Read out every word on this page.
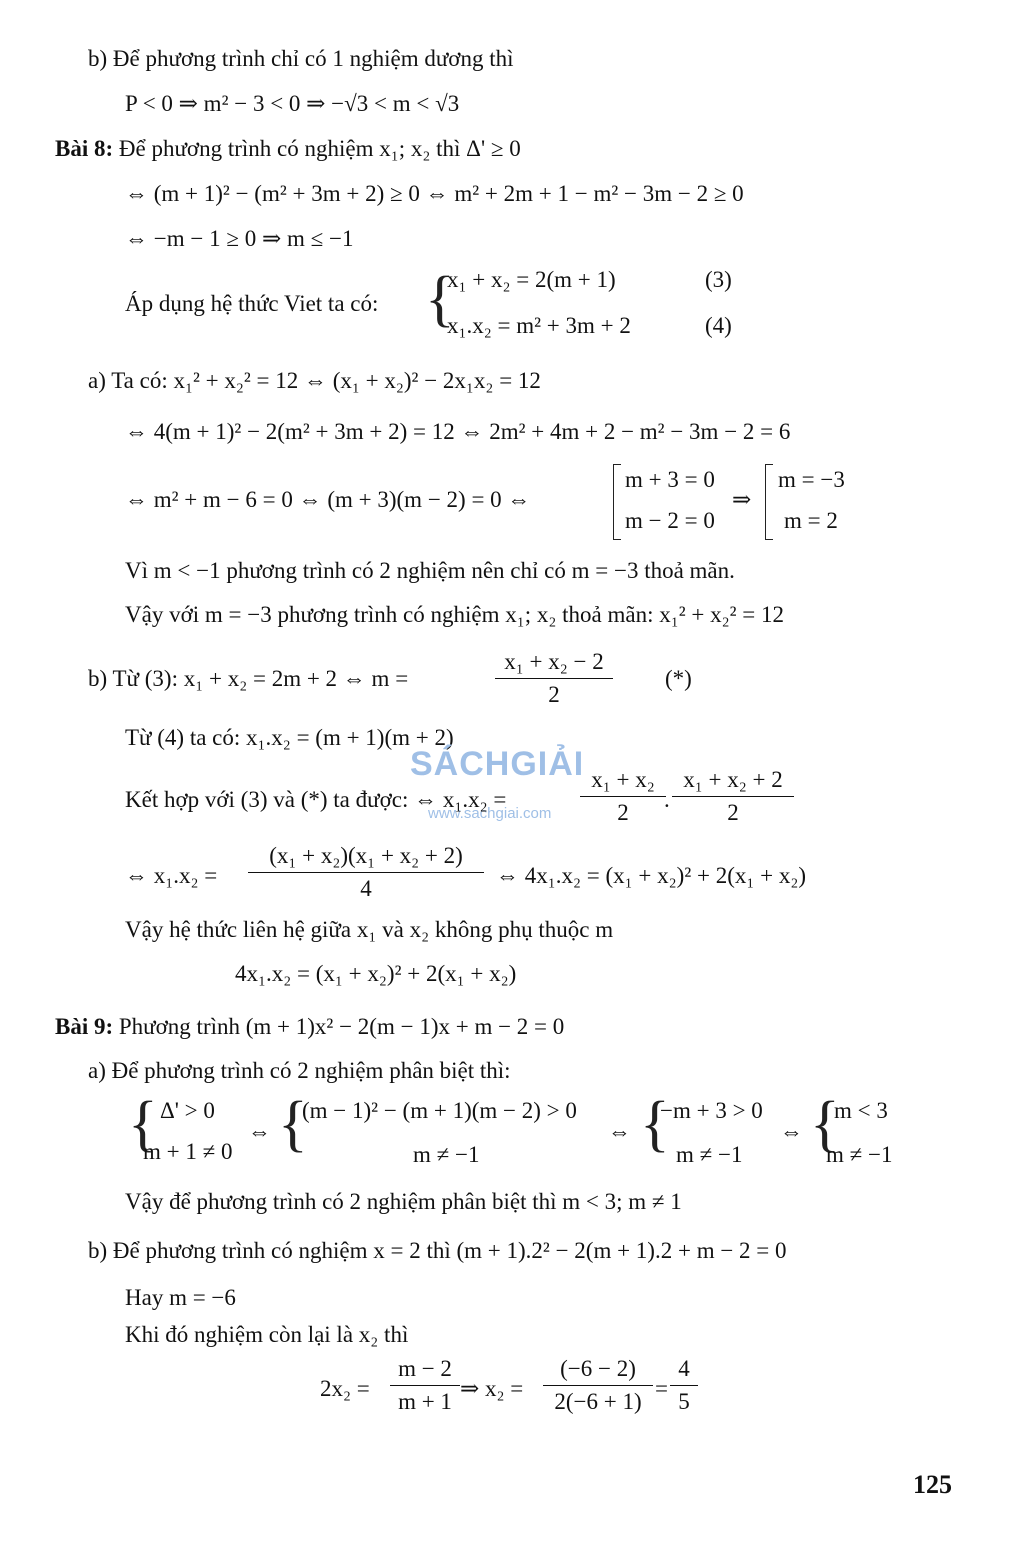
b) Để phương trình chỉ có 1 nghiệm dương thì
P < 0 ⇒ m² − 3 < 0 ⇒ −√3 < m < √3
Bài 8: Để phương trình có nghiệm x₁; x₂ thì Δ' ≥ 0
⇔ (m + 1)² − (m² + 3m + 2) ≥ 0 ⇔ m² + 2m + 1 − m² − 3m − 2 ≥ 0
⇔ −m − 1 ≥ 0 ⇒ m ≤ −1
Áp dụng hệ thức Viet ta có: {
x₁ + x₂ = 2(m + 1)
x₁.x₂ = m² + 3m + 2
(3)
(4)
a) Ta có: x₁² + x₂² = 12 ⇔ (x₁ + x₂)² − 2x₁x₂ = 12
⇔ 4(m + 1)² − 2(m² + 3m + 2) = 12 ⇔ 2m² + 4m + 2 − m² − 3m − 2 = 6
⇔ m² + m − 6 = 0 ⇔ (m + 3)(m − 2) = 0 ⇔
m + 3 = 0
m − 2 = 0
⇒
m = −3
m = 2
Vì m < −1 phương trình có 2 nghiệm nên chỉ có m = −3 thoả mãn.
Vậy với m = −3 phương trình có nghiệm x₁; x₂ thoả mãn: x₁² + x₂² = 12
b) Từ (3): x₁ + x₂ = 2m + 2 ⇔ m =
x₁ + x₂ − 2
2
(*)
Từ (4) ta có: x₁.x₂ = (m + 1)(m + 2)
SÁCHGIẢI
www.sachgiai.com
Kết hợp với (3) và (*) ta được: ⇔ x₁.x₂ =
x₁ + x₂
2
.
x₁ + x₂ + 2
2
⇔ x₁.x₂ =
(x₁ + x₂)(x₁ + x₂ + 2)
4
⇔ 4x₁.x₂ = (x₁ + x₂)² + 2(x₁ + x₂)
Vậy hệ thức liên hệ giữa x₁ và x₂ không phụ thuộc m
4x₁.x₂ = (x₁ + x₂)² + 2(x₁ + x₂)
Bài 9: Phương trình (m + 1)x² − 2(m − 1)x + m − 2 = 0
a) Để phương trình có 2 nghiệm phân biệt thì:
{ Δ' > 0
m + 1 ≠ 0
⇔ {
(m − 1)² − (m + 1)(m − 2) > 0
m ≠ −1
⇔ {
−m + 3 > 0
m ≠ −1
⇔ {
m < 3
m ≠ −1
Vậy để phương trình có 2 nghiệm phân biệt thì m < 3; m ≠ 1
b) Để phương trình có nghiệm x = 2 thì (m + 1).2² − 2(m + 1).2 + m − 2 = 0
Hay m = −6
Khi đó nghiệm còn lại là x₂ thì
2x₂ =
m − 2
m + 1
⇒ x₂ =
(−6 − 2)
2(−6 + 1)
=
4
5
125
